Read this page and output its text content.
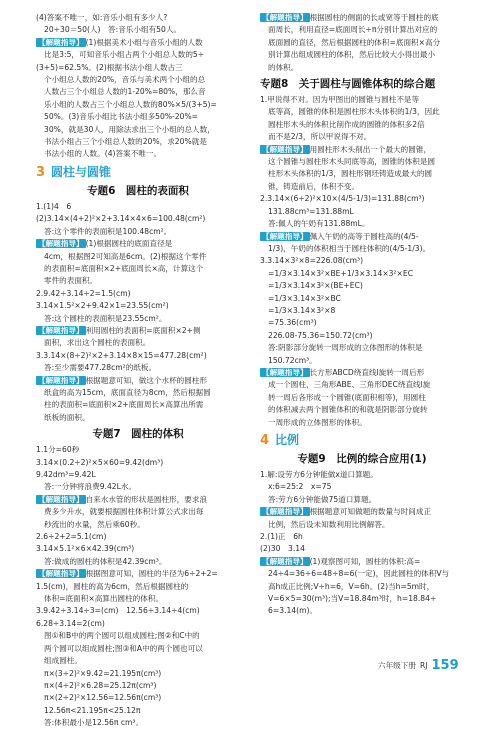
(4)答案不唯一，如:音乐小组有多少人?
20÷30＝50(人)　答:音乐小组有50人。
【解题指导】 (1)根据美术小组与音乐小组的人数
比是3:5，可知音乐小组占两个小组总人数的5÷
(3+5)=62.5%。(2)根据书法小组人数占三
个小组总人数的20%，音乐与美术两个小组的总
人数占三个小组总人数的1-20%=80%，那么音
乐小组的人数占三个小组总人数的80%×5/(3+5)=
50%。(3)音乐小组比书法小组多50%-20%=
30%，就是30人，用除法求出三个小组的总人数，
书法小组占三个小组总人数的20%，求20%就是
书法小组的人数。(4)答案不唯一。
3 圆柱与圆锥
专题6　圆柱的表面积
1.(1)4　6
(2)3.14×(4+2)²×2+3.14×4×6=100.48(cm²)
答:这个零件的表面积是100.48cm²。
【解题指导】 (1)根据圆柱的底面直径是
4cm，根据图2可知高是6cm。(2)根据这个零件
的表面积=底面积×2+底面周长×高，计算这个
零件的表面积。
2.9.42÷3.14÷2=1.5(cm)
3.14×1.5²×2+9.42×1=23.55(cm²)
答:这个圆柱的表面积是23.55cm²。
【解题指导】 利用圆柱的表面积=底面积×2+侧
面积，求出这个圆柱的表面积。
3.3.14×(8÷2)²×2+3.14×8×15=477.28(cm²)
答:至少需要477.28cm²的纸板。
【解题指导】 根据题意可知，做这个水杯的圆柱形
纸盒的高为15cm，底面直径为8cm，然后根据圆
柱的表面积=底面积×2+底面周长×高算出所需
纸板的面积。
专题7　圆柱的体积
1.1分=60秒
3.14×(0.2÷2)²×5×60=9.42(dm³)
9.42dm³=9.42L
答:一分钟将浪费9.42L水。
【解题指导】 自来水水管的形状是圆柱形，要求浪
费多少升水，就要根据圆柱体积计算公式求出每
秒流出的水量，然后乘60秒。
2.6÷2+2=5.1(cm)
3.14×5.1²×6×42.39(cm³)
答:做成的圆柱的体积是42.39cm³。
【解题指导】 根据图意可知，圆柱的半径为6÷2+2=
1.5(cm)，圆柱的高为6cm，然后根据圆柱的
体积=底面积×高算出圆柱的体积。
3.9.42÷3.14÷3=(cm)　12.56÷3.14÷4(cm)
6.28÷3.14=2(cm)
图①和B中的两个圆可以组成圆柱;图②和C中的
两个圆可以组成圆柱;图③和A中的两个圆也可以
组成圆柱。
π×(3÷2)²×9.42=21.195π(cm³)
π×(4÷2)²×6.28=25.12π(cm³)
π×(2÷2)²×12.56=12.56π(cm³)
12.56π<21.195π<25.12π
答:体积最小是12.56π cm³。
【解题指导】 根据圆柱的侧面的长或宽等于圆柱的底
面周长，利用直径=底面周长÷π分别计算出对应的
底面圆的直径，然后根据圆柱的体积=底面积×高分
别计算出组成圆柱的体积，然后比较大小得出最小
的体积。
专题8　关于圆柱与圆锥体积的综合题
1.甲说得不对。因为甲图出的圆锥与圆柱不是等
底等高，圆锥的体积是圆柱形木头体积的1/3，因此
圆柱形木头的体积比削作成的圆锥的体积多2倍
而不是2/3，所以甲说得不对。
【解题指导】 用圆柱形木头削出一个最大的圆锥，
这个圆锥与圆柱形木头同底等高，圆锥的体积是圆
柱形木头体积的1/3，圆柱形钢坯铸造成最大的圆
锥，铸造前后，体积不变。
2.3.14×(6÷2)²×10×(4/5-1/3)=131.88(cm³)
131.88cm³=131.88mL
答:佩人的午奶有131.88mL。
【解题指导】 佩入午奶的高等于圆柱高的(4/5-
1/3)，午奶的体积相当于圆柱体积的(4/5-1/3)。
3.3.14×3²×8=226.08(cm³)
=1/3×3.14×3²×BE+1/3×3.14×3²×EC
=1/3×3.14×3²×(BE+EC)
=1/3×3.14×3²×BC
=1/3×3.14×3²×8
=75.36(cm³)
226.08-75.36=150.72(cm³)
答:阴影部分旋转一周形成的立体图形的体积是
150.72cm³。
【解题指导】 长方形ABCD绕直线l旋转一周后形
成一个圆柱，三角形ABE、三角形DEC绕直线l旋
转一周后各形成一个圆锥(底面积相等)，用圆柱
的体积减去两个圆锥体积的和就是阴影部分旋转
一周形成的立体图形的体积。
4 比例
专题9　比例的综合应用(1)
1.解:设劳方6分钟能做x道口算题。
x:6=25:2　x=75
答:劳方6分钟能做75道口算题。
【解题指导】 根据题意可知做题的数量与时间成正
比例，然后设未知数利用比例解答。
2.(1)正　6h
(2)30　3.14
【解题指导】 (1)观察图可知，圆柱的体积:高=
24÷4=36÷6=48÷8=6(一定)，因此圆柱的体积V与
高h成正比例;V÷h=6，V=6h。(2)当h=5m时，
V=6×5=30(m³);当V=18.84m³时，h=18.84÷
6=3.14(m)。
六年级下册 RJ 159
